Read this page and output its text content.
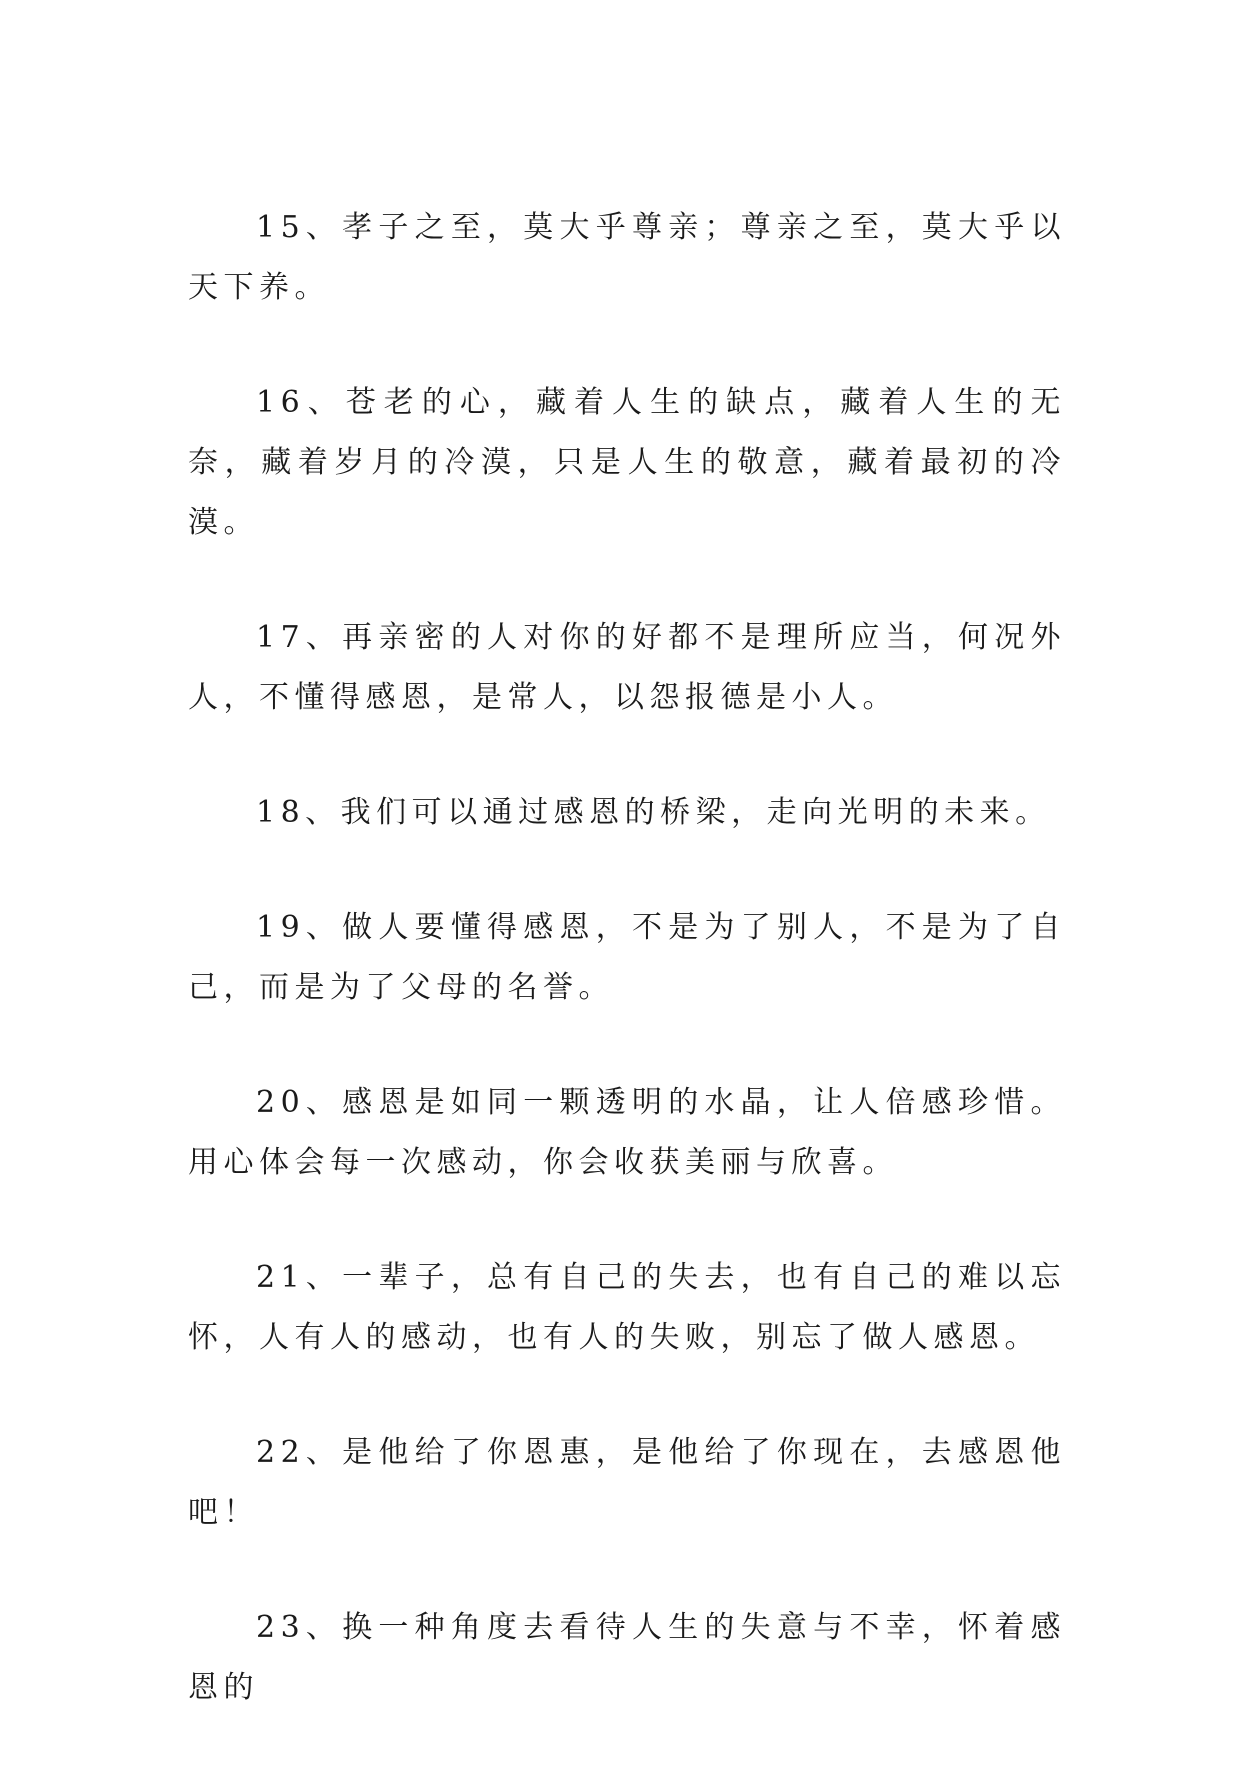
15、孝子之至，莫大乎尊亲；尊亲之至，莫大乎以天下养。

16、苍老的心，藏着人生的缺点，藏着人生的无奈，藏着岁月的冷漠，只是人生的敬意，藏着最初的冷漠。

17、再亲密的人对你的好都不是理所应当，何况外人，不懂得感恩，是常人，以怨报德是小人。

18、我们可以通过感恩的桥梁，走向光明的未来。

19、做人要懂得感恩，不是为了别人，不是为了自己，而是为了父母的名誉。

20、感恩是如同一颗透明的水晶，让人倍感珍惜。用心体会每一次感动，你会收获美丽与欣喜。

21、一辈子，总有自己的失去，也有自己的难以忘怀，人有人的感动，也有人的失败，别忘了做人感恩。

22、是他给了你恩惠，是他给了你现在，去感恩他吧！

23、换一种角度去看待人生的失意与不幸，怀着感恩的
